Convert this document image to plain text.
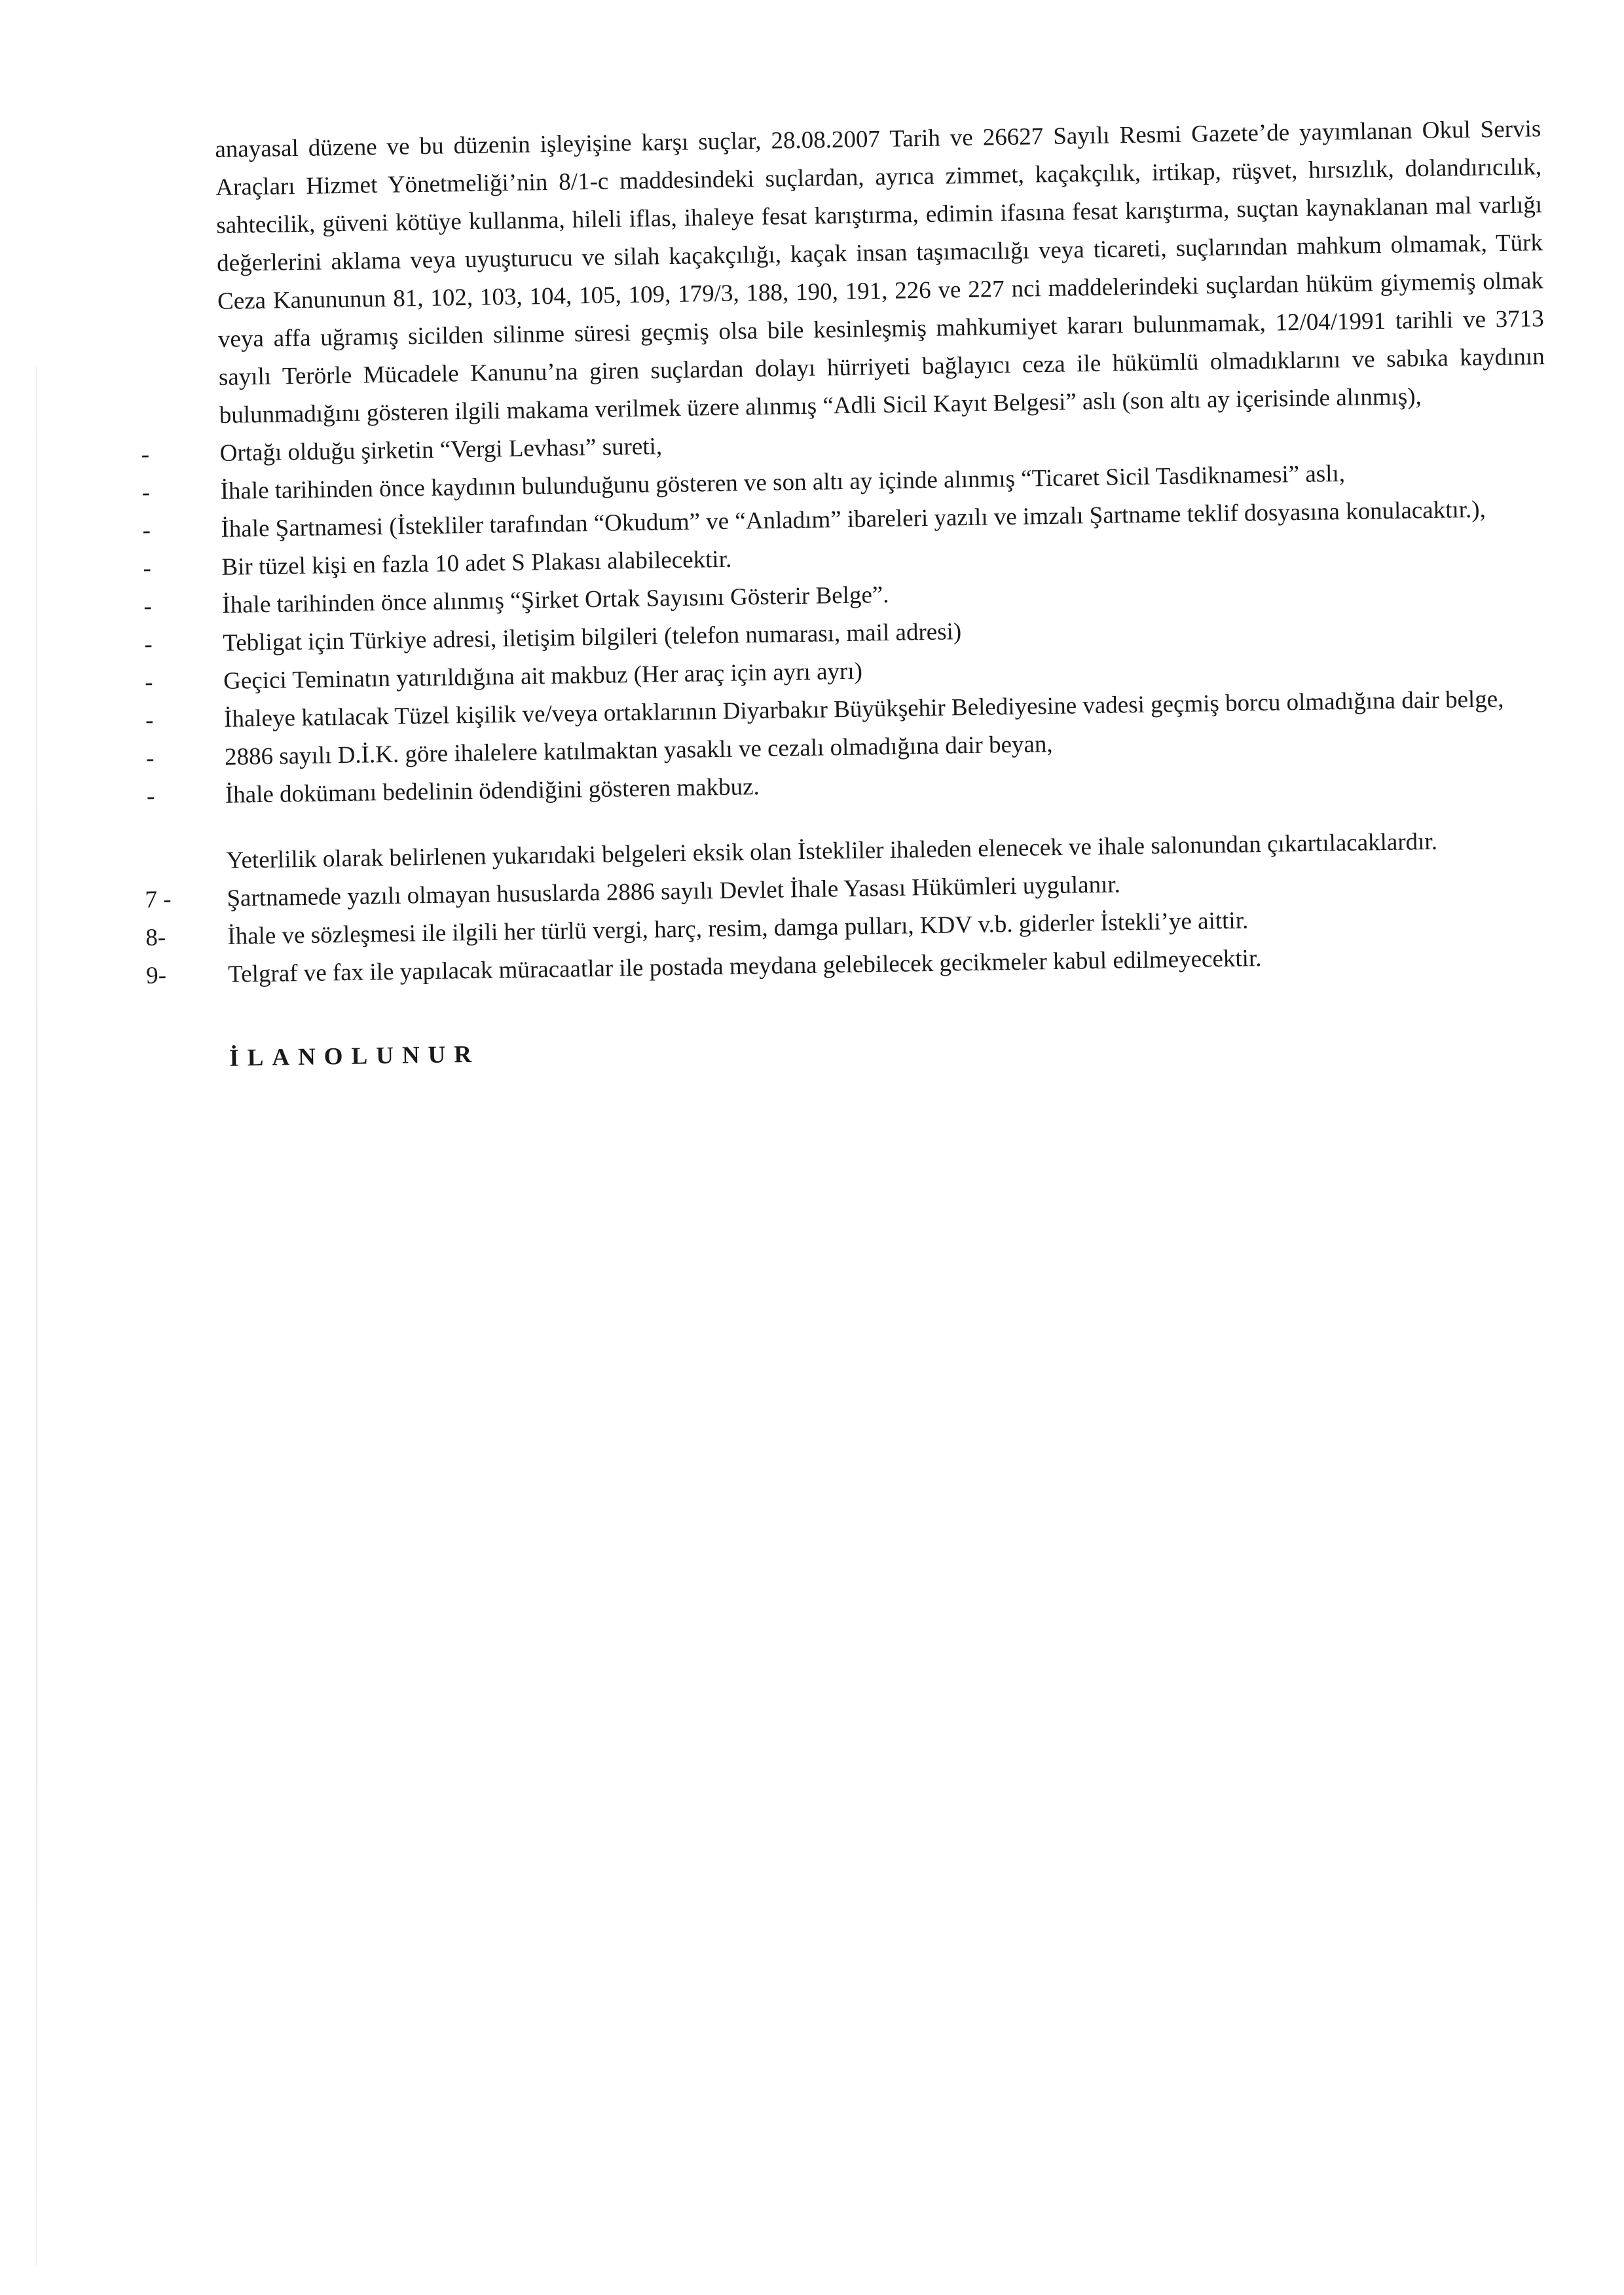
anayasal düzene ve bu düzenin işleyişine karşı suçlar, 28.08.2007 Tarih ve 26627 Sayılı Resmi Gazete’de yayımlanan Okul Servis Araçları Hizmet Yönetmeliği’nin 8/1-c maddesindeki suçlardan, ayrıca zimmet, kaçakçılık, irtikap, rüşvet, hırsızlık, dolandırıcılık, sahtecilik, güveni kötüye kullanma, hileli iflas, ihaleye fesat karıştırma, edimin ifasına fesat karıştırma, suçtan kaynaklanan mal varlığı değerlerini aklama veya uyuşturucu ve silah kaçakçılığı, kaçak insan taşımacılığı veya ticareti, suçlarından mahkum olmamak, Türk Ceza Kanununun 81, 102, 103, 104, 105, 109, 179/3, 188, 190, 191, 226 ve 227 nci maddelerindeki suçlardan hüküm giymemiş olmak veya affa uğramış sicilden silinme süresi geçmiş olsa bile kesinleşmiş mahkumiyet kararı bulunmamak, 12/04/1991 tarihli ve 3713 sayılı Terörle Mücadele Kanunu’na giren suçlardan dolayı hürriyeti bağlayıcı ceza ile hükümlü olmadıklarını ve sabıka kaydının bulunmadığını gösteren ilgili makama verilmek üzere alınmış “Adli Sicil Kayıt Belgesi” aslı (son altı ay içerisinde alınmış),

-	Ortağı olduğu şirketin “Vergi Levhası” sureti,
-	İhale tarihinden önce kaydının bulunduğunu gösteren ve son altı ay içinde alınmış “Ticaret Sicil Tasdiknamesi” aslı,
-	İhale Şartnamesi (İstekliler tarafından “Okudum” ve “Anladım” ibareleri yazılı ve imzalı Şartname teklif dosyasına konulacaktır.),
-	Bir tüzel kişi en fazla 10 adet S Plakası alabilecektir.
-	İhale tarihinden önce alınmış “Şirket Ortak Sayısını Gösterir Belge”.
-	Tebligat için Türkiye adresi, iletişim bilgileri (telefon numarası, mail adresi)
-	Geçici Teminatın yatırıldığına ait makbuz (Her araç için ayrı ayrı)
-	İhaleye katılacak Tüzel kişilik ve/veya ortaklarının Diyarbakır Büyükşehir Belediyesine vadesi geçmiş borcu olmadığına dair belge,
-	2886 sayılı D.İ.K. göre ihalelere katılmaktan yasaklı ve cezalı olmadığına dair beyan,
-	İhale dokümanı bedelinin ödendiğini gösteren makbuz.

Yeterlilik olarak belirlenen yukarıdaki belgeleri eksik olan İstekliler ihaleden elenecek ve ihale salonundan çıkartılacaklardır.

7 -	Şartnamede yazılı olmayan hususlarda 2886 sayılı Devlet İhale Yasası Hükümleri uygulanır.
8-	İhale ve sözleşmesi ile ilgili her türlü vergi, harç, resim, damga pulları, KDV v.b. giderler İstekli’ye aittir.
9-	Telgraf ve fax ile yapılacak müracaatlar ile postada meydana gelebilecek gecikmeler kabul edilmeyecektir.
İLANOLUNUR
